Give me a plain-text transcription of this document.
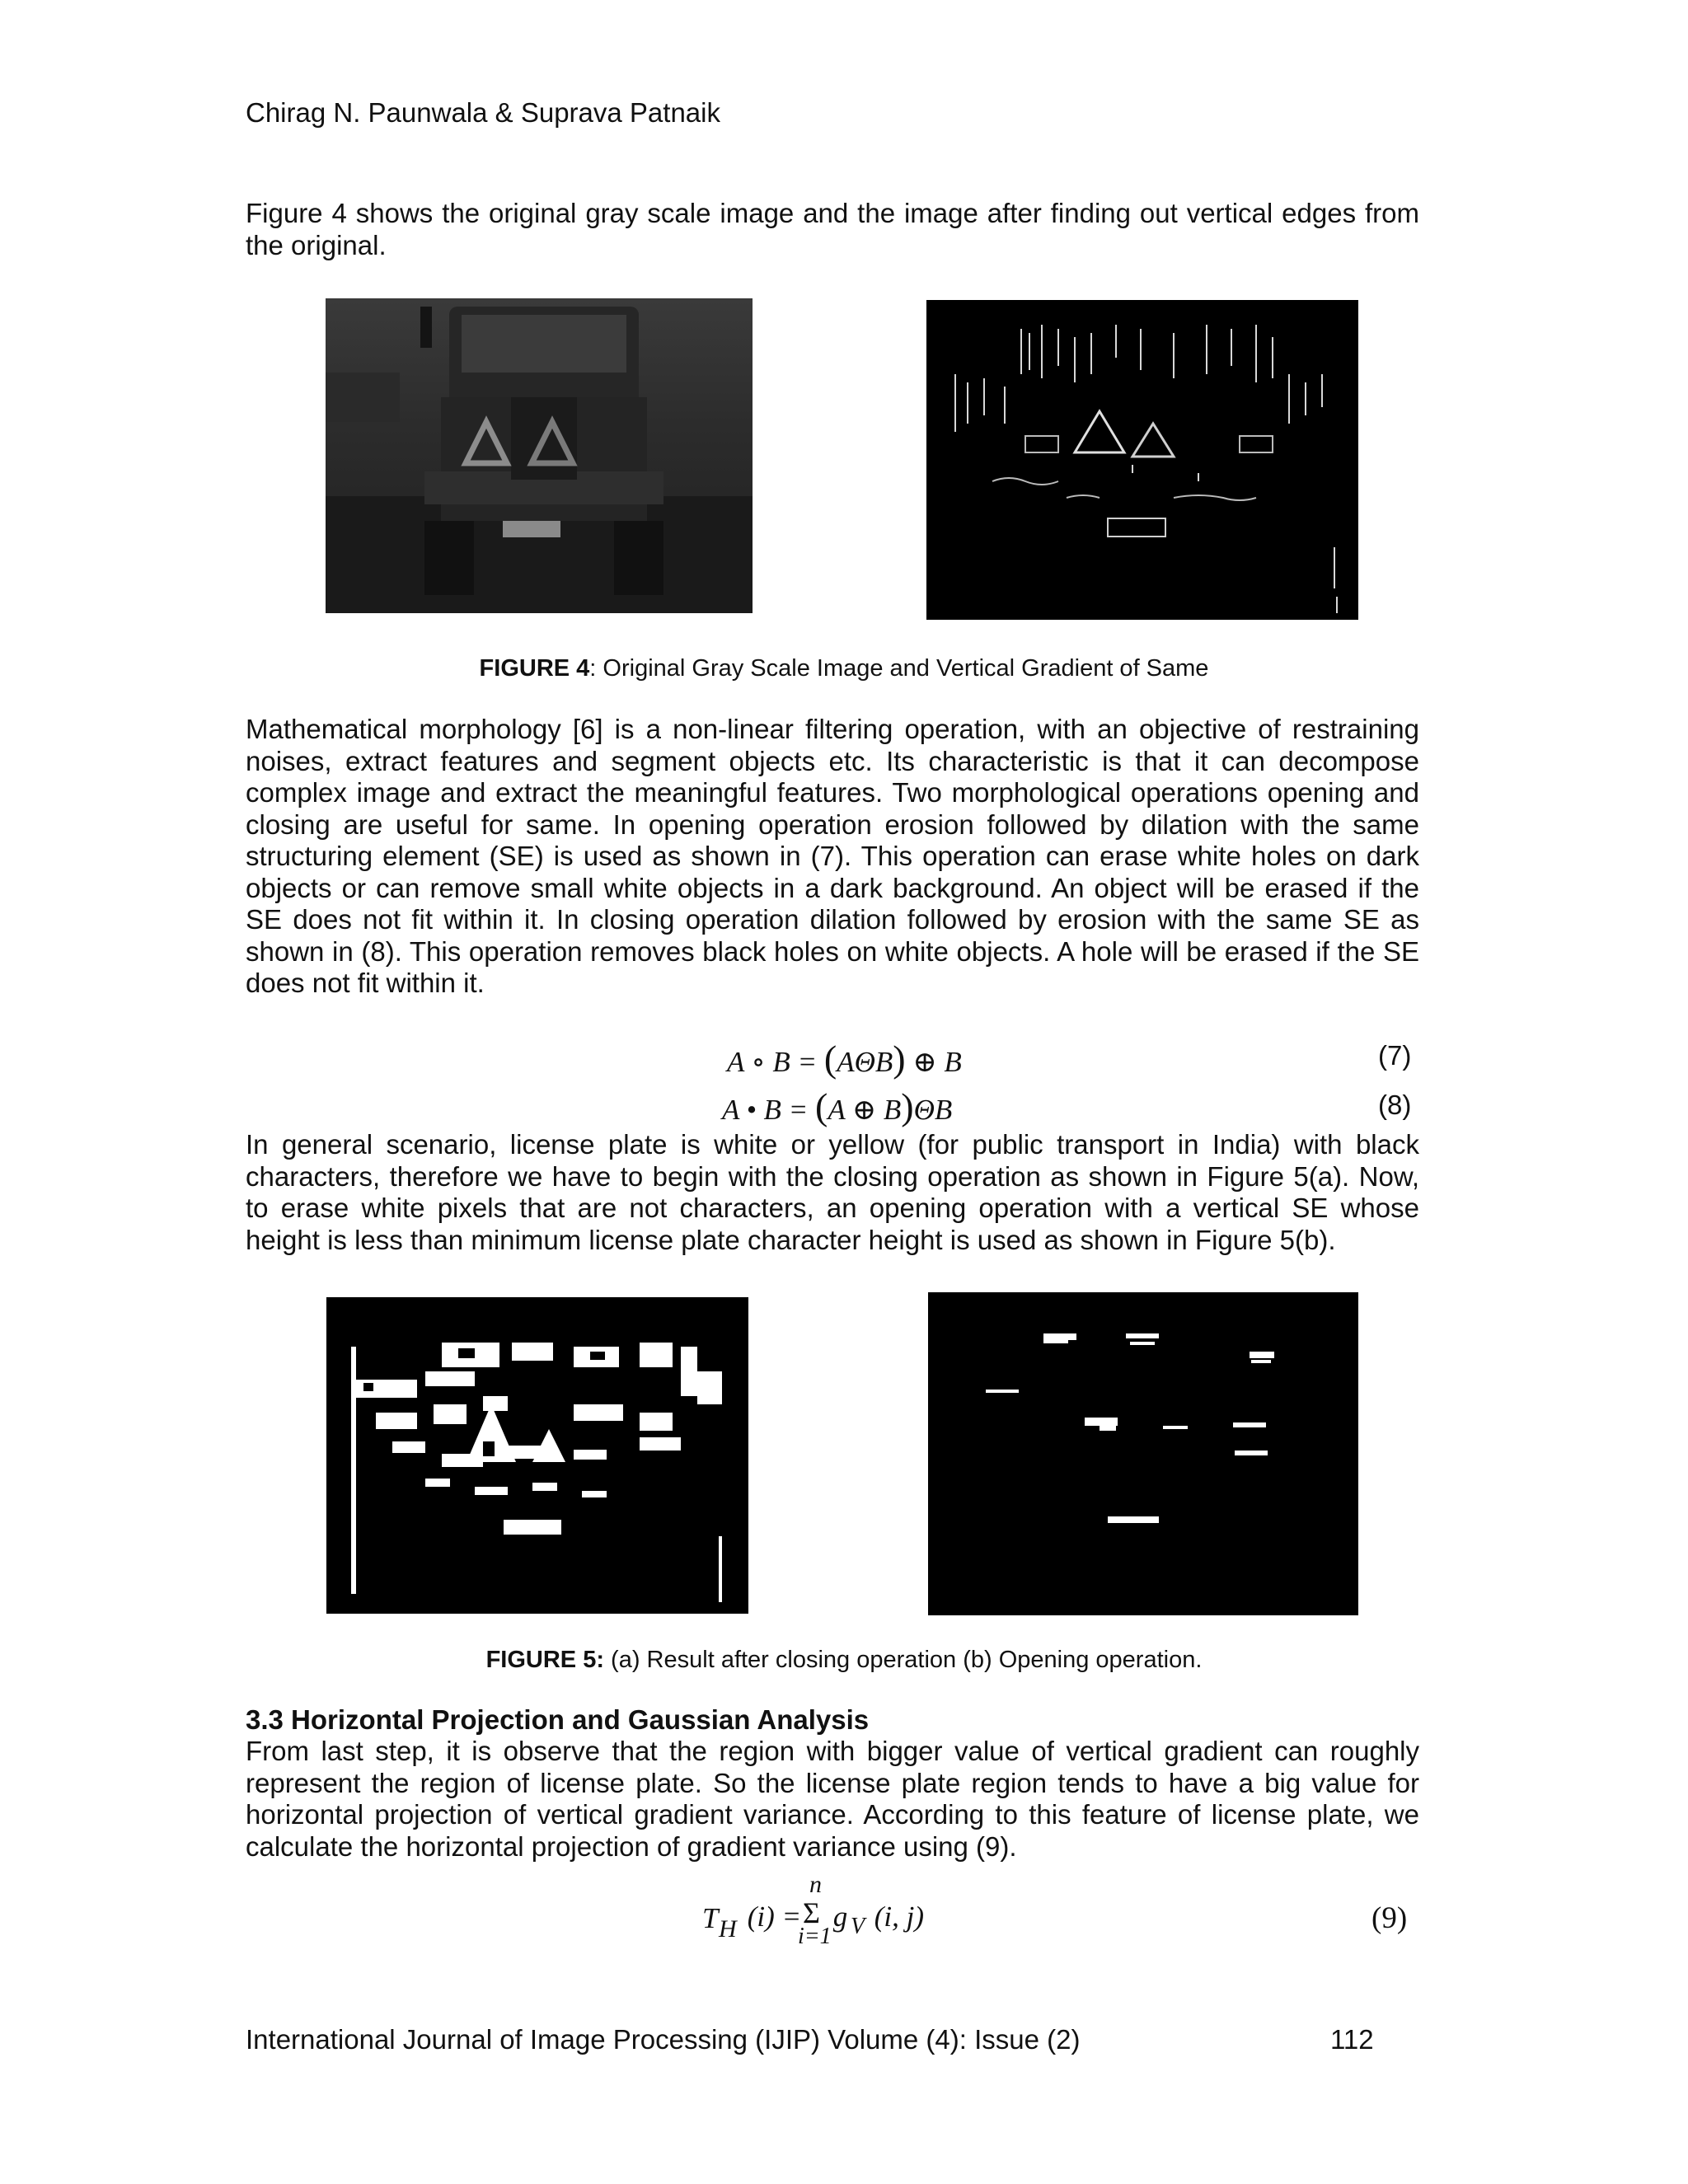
Chirag N. Paunwala & Suprava Patnaik
Figure 4 shows the original gray scale image and the image after finding out vertical edges from the original.
FIGURE 4: Original Gray Scale Image and Vertical Gradient of Same
Mathematical morphology [6] is a non-linear filtering operation, with an objective of restraining noises, extract features and segment objects etc. Its characteristic is that it can decompose complex image and extract the meaningful features. Two morphological operations opening and closing are useful for same. In opening operation erosion followed by dilation with the same structuring element (SE) is used as shown in (7). This operation can erase white holes on dark objects or can remove small white objects in a dark background. An object will be erased if the SE does not fit within it. In closing operation dilation followed by erosion with the same SE as shown in (8). This operation removes black holes on white objects. A hole will be erased if the SE does not fit within it.
A ∘ B = (AΘB) ⊕ B	(7)
A • B = (A ⊕ B)ΘB	(8)
In general scenario, license plate is white or yellow (for public transport in India) with black characters, therefore we have to begin with the closing operation as shown in Figure 5(a). Now, to erase white pixels that are not characters, an opening operation with a vertical SE whose height is less than minimum license plate character height is used as shown in Figure 5(b).
FIGURE 5: (a) Result after closing operation (b) Opening operation.
3.3 Horizontal Projection and Gaussian Analysis
From last step, it is observe that the region with bigger value of vertical gradient can roughly represent the region of license plate. So the license plate region tends to have a big value for horizontal projection of vertical gradient variance. According to this feature of license plate, we calculate the horizontal projection of gradient variance using (9).
T H (i) =
n
Σ
i=1
g V (i, j)	(9)
International Journal of Image Processing (IJIP) Volume (4): Issue (2)	112
